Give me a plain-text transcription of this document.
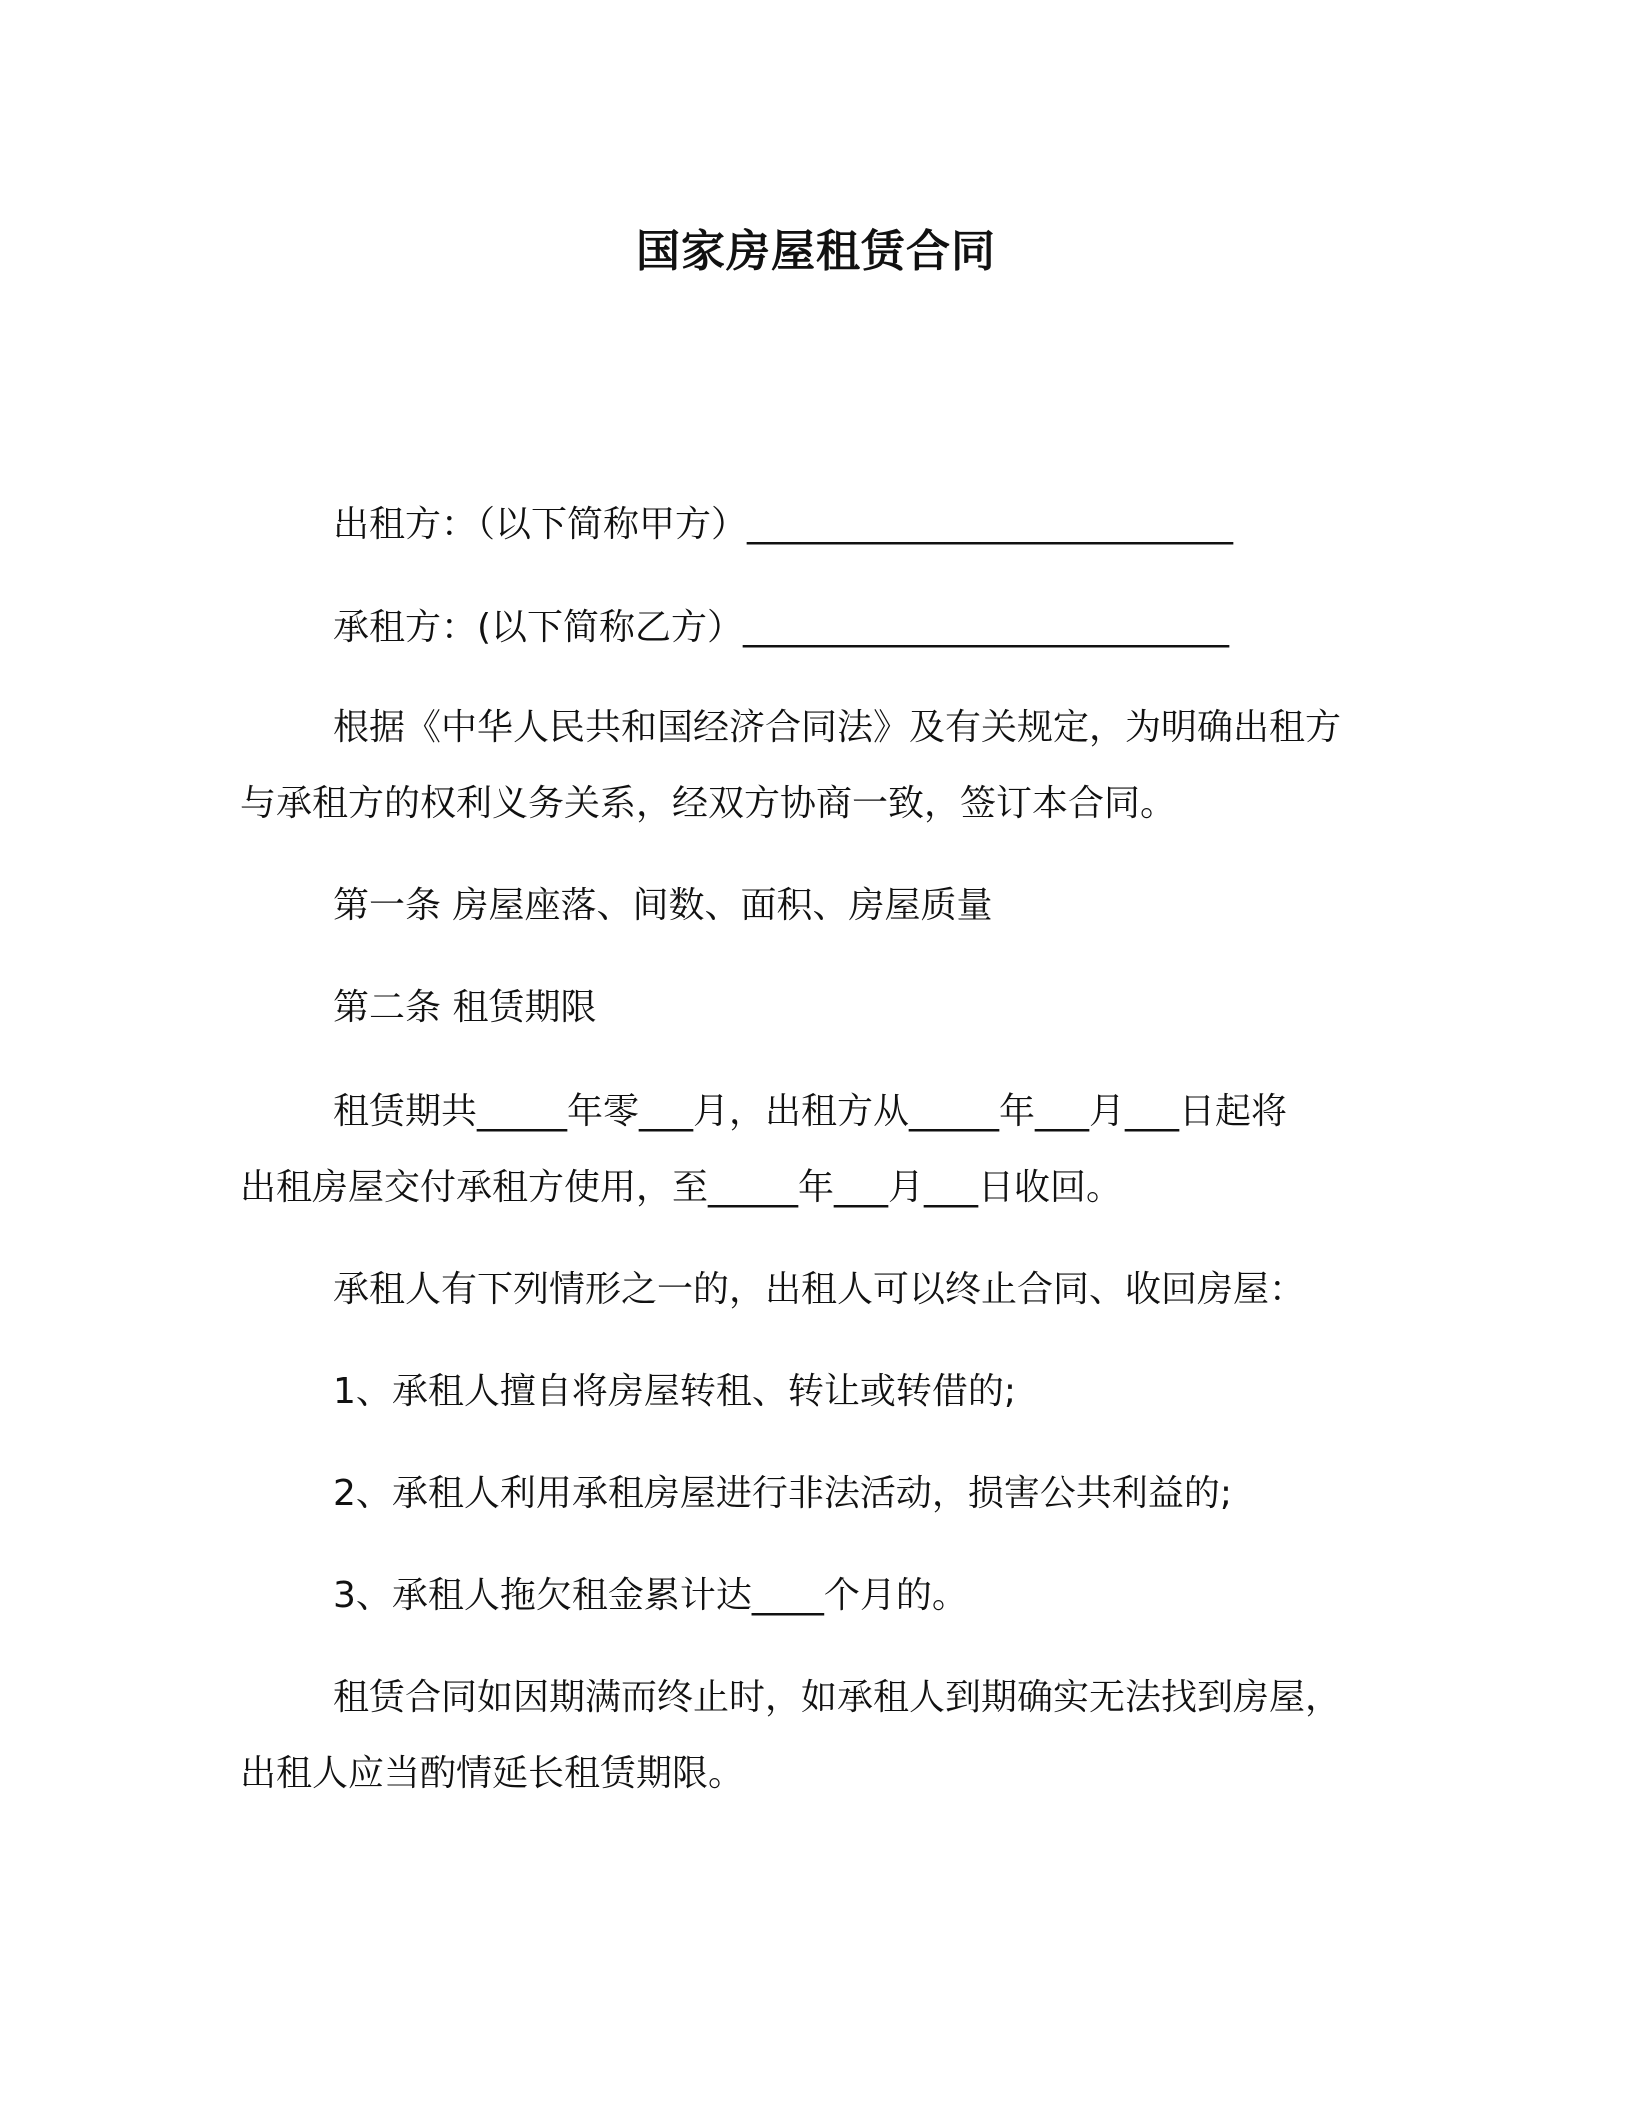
国家房屋租赁合同
出租方：（以下简称甲方）___________________________
承租方：(以下简称乙方）___________________________
根据《中华人民共和国经济合同法》及有关规定，为明确出租方
与承租方的权利义务关系，经双方协商一致，签订本合同。
第一条 房屋座落、间数、面积、房屋质量
第二条 租赁期限
租赁期共_____年零___月，出租方从_____年___月___日起将
出租房屋交付承租方使用，至_____年___月___日收回。
承租人有下列情形之一的，出租人可以终止合同、收回房屋：
1、承租人擅自将房屋转租、转让或转借的;
2、承租人利用承租房屋进行非法活动，损害公共利益的;
3、承租人拖欠租金累计达____个月的。
租赁合同如因期满而终止时，如承租人到期确实无法找到房屋，
出租人应当酌情延长租赁期限。
